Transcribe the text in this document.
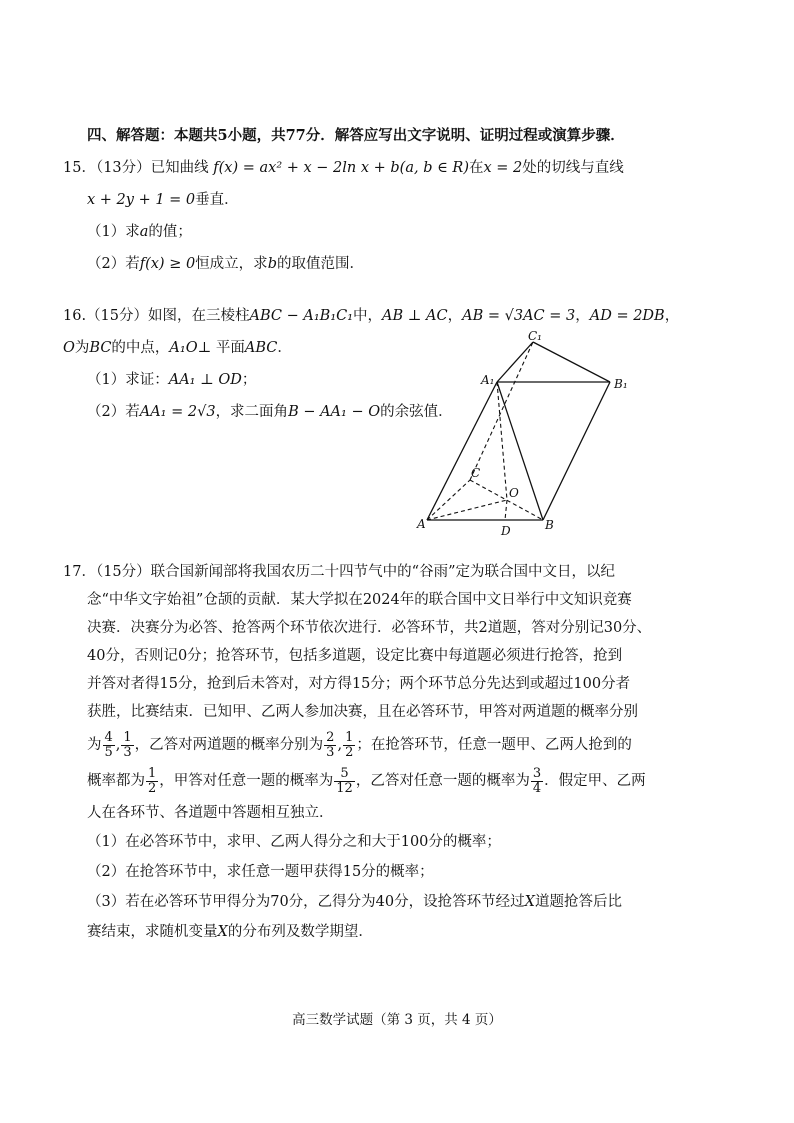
四、解答题：本题共5小题，共77分．解答应写出文字说明、证明过程或演算步骤．
15．（13分）已知曲线 f(x) = ax² + x − 2ln x + b(a, b ∈ R)在x = 2处的切线与直线
x + 2y + 1 = 0垂直．
（1）求a的值；
（2）若f(x) ≥ 0恒成立，求b的取值范围．
16.（15分）如图，在三棱柱ABC − A₁B₁C₁中，AB ⊥ AC，AB = √3AC = 3，AD = 2DB，
O为BC的中点，A₁O⊥ 平面ABC．
（1）求证：AA₁ ⊥ OD；
（2）若AA₁ = 2√3，求二面角B − AA₁ − O的余弦值．
C₁
A₁	B₁
C
O
A	D	B
17．（15分）联合国新闻部将我国农历二十四节气中的“谷雨”定为联合国中文日，以纪
念“中华文字始祖”仓颉的贡献．某大学拟在2024年的联合国中文日举行中文知识竞赛
决赛．决赛分为必答、抢答两个环节依次进行．必答环节，共2道题，答对分别记30分、
40分，否则记0分；抢答环节，包括多道题，设定比赛中每道题必须进行抢答，抢到
并答对者得15分，抢到后未答对，对方得15分；两个环节总分先达到或超过100分者
获胜，比赛结束．已知甲、乙两人参加决赛，且在必答环节，甲答对两道题的概率分别
为 $\frac{4}{5}$ , $\frac{1}{3}$ ，乙答对两道题的概率分别为 $\frac{2}{3}$ , $\frac{1}{2}$ ；在抢答环节，任意一题甲、乙两人抢到的
概率都为 $\frac{1}{2}$ ，甲答对任意一题的概率为 $\frac{5}{12}$ ，乙答对任意一题的概率为 $\frac{3}{4}$ ．假定甲、乙两
人在各环节、各道题中答题相互独立．
（1）在必答环节中，求甲、乙两人得分之和大于100分的概率；
（2）在抢答环节中，求任意一题甲获得15分的概率；
（3）若在必答环节甲得分为70分，乙得分为40分，设抢答环节经过X道题抢答后比
赛结束，求随机变量X的分布列及数学期望．
高三数学试题（第 3 页，共 4 页）
